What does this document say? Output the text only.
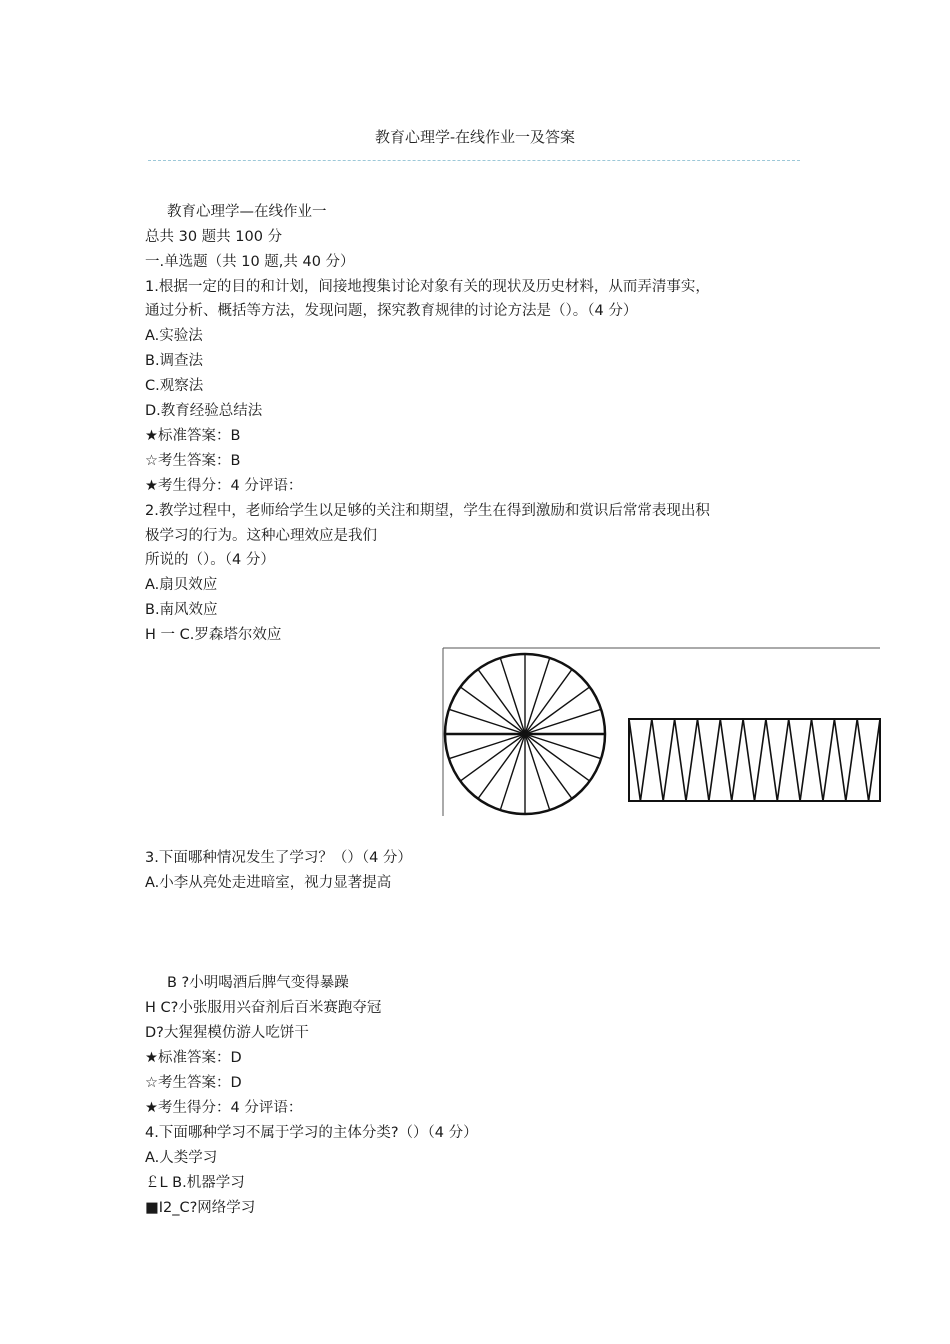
教育心理学-在线作业一及答案
教育心理学—在线作业一
总共 30 题共 100 分
一.单选题（共 10 题,共 40 分）
1.根据一定的目的和计划，间接地搜集讨论对象有关的现状及历史材料，从而弄清事实，
通过分析、概括等方法，发现问题，探究教育规律的讨论方法是（）。（4 分）
A.实验法
B.调查法
C.观察法
D.教育经验总结法
★标准答案：B
☆考生答案：B
★考生得分：4 分评语：
2.教学过程中，老师给学生以足够的关注和期望，学生在得到激励和赏识后常常表现出积
极学习的行为。这种心理效应是我们
所说的（）。（4 分）
A.扇贝效应
B.南风效应
H 一 C.罗森塔尔效应
3.下面哪种情况发生了学习？（）（4 分）
A.小李从亮处走进暗室，视力显著提高
B ?小明喝酒后脾气变得暴躁
H C?小张服用兴奋剂后百米赛跑夺冠
D?大猩猩模仿游人吃饼干
★标准答案：D
☆考生答案：D
★考生得分：4 分评语：
4.下面哪种学习不属于学习的主体分类?（）（4 分）
A.人类学习
￡L B.机器学习
■I2_C?网络学习
